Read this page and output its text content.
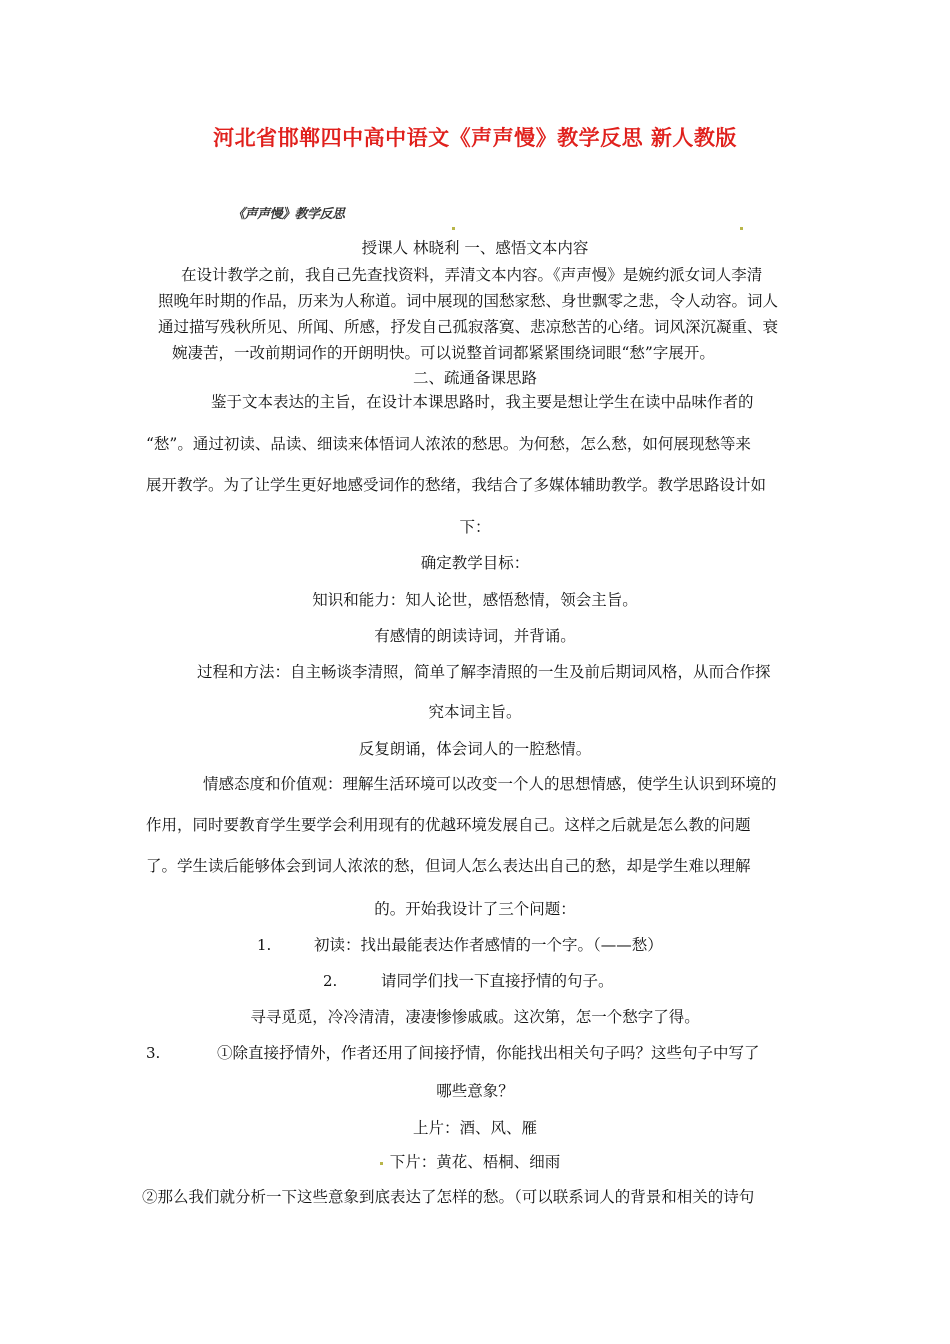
河北省邯郸四中高中语文《声声慢》教学反思 新人教版
《声声慢》教学反思
授课人 林晓利 一、感悟文本内容
在设计教学之前，我自己先查找资料，弄清文本内容。《声声慢》是婉约派女词人李清
照晚年时期的作品，历来为人称道。词中展现的国愁家愁、身世飘零之悲，令人动容。词人
通过描写残秋所见、所闻、所感，抒发自己孤寂落寞、悲凉愁苦的心绪。词风深沉凝重、衰
婉凄苦，一改前期词作的开朗明快。可以说整首词都紧紧围绕词眼“愁”字展开。
二、疏通备课思路
鉴于文本表达的主旨，在设计本课思路时，我主要是想让学生在读中品味作者的
“愁”。通过初读、品读、细读来体悟词人浓浓的愁思。为何愁，怎么愁，如何展现愁等来
展开教学。为了让学生更好地感受词作的愁绪，我结合了多媒体辅助教学。教学思路设计如
下：
确定教学目标：
知识和能力：知人论世，感悟愁情，领会主旨。
有感情的朗读诗词，并背诵。
过程和方法：自主畅谈李清照，简单了解李清照的一生及前后期词风格，从而合作探
究本词主旨。
反复朗诵，体会词人的一腔愁情。
情感态度和价值观：理解生活环境可以改变一个人的思想情感，使学生认识到环境的
作用，同时要教育学生要学会利用现有的优越环境发展自己。这样之后就是怎么教的问题
了。学生读后能够体会到词人浓浓的愁，但词人怎么表达出自己的愁，却是学生难以理解
的。开始我设计了三个问题：
1.	初读：找出最能表达作者感情的一个字。（——愁）
2.	请同学们找一下直接抒情的句子。
寻寻觅觅，冷冷清清，凄凄惨惨戚戚。这次第，怎一个愁字了得。
3.	①除直接抒情外，作者还用了间接抒情，你能找出相关句子吗？这些句子中写了
哪些意象？
上片：酒、风、雁
下片：黄花、梧桐、细雨
②那么我们就分析一下这些意象到底表达了怎样的愁。（可以联系词人的背景和相关的诗句
